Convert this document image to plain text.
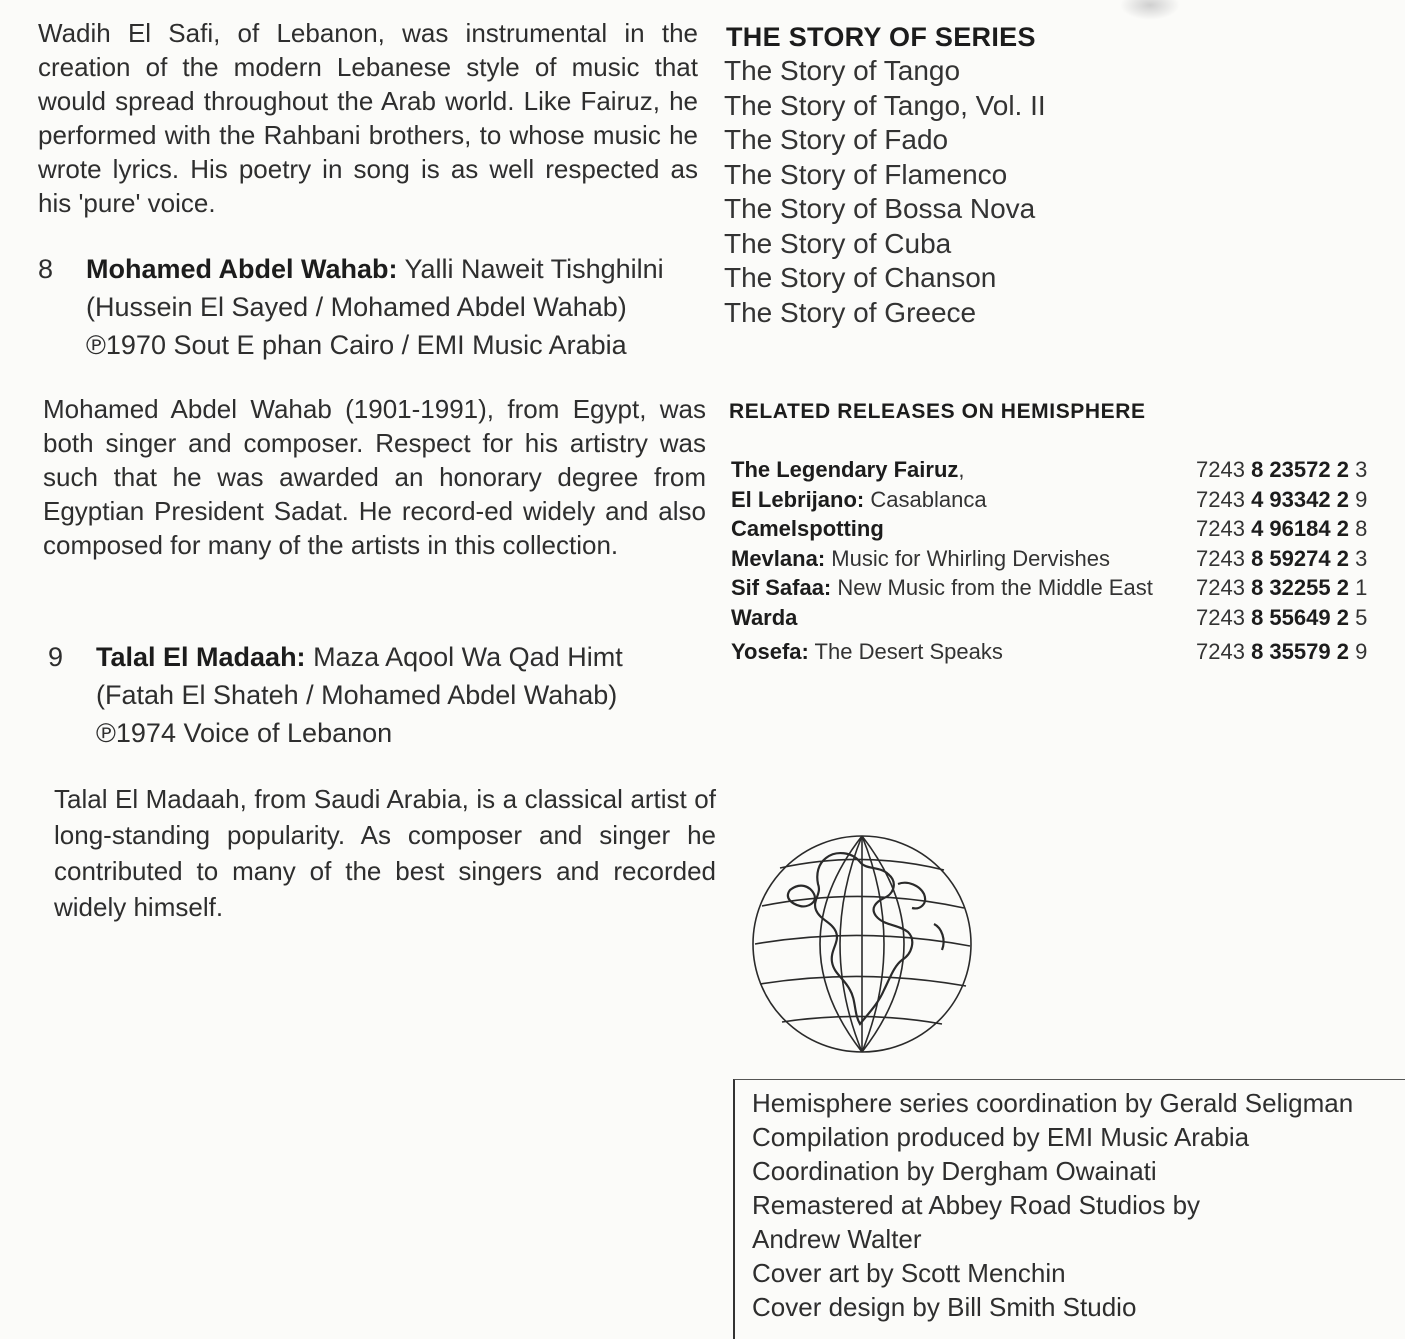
Wadih El Safi, of Lebanon, was instrumental in the creation of the modern Lebanese style of music that would spread throughout the Arab world. Like Fairuz, he performed with the Rahbani brothers, to whose music he wrote lyrics. His poetry in song is as well respected as his 'pure' voice.

8 Mohamed Abdel Wahab: Yalli Naweit Tishghilni
(Hussein El Sayed / Mohamed Abdel Wahab)
℗1970 Sout E phan Cairo / EMI Music Arabia

Mohamed Abdel Wahab (1901-1991), from Egypt, was both singer and composer. Respect for his artistry was such that he was awarded an honorary degree from Egyptian President Sadat. He record-ed widely and also composed for many of the artists in this collection.

9 Talal El Madaah: Maza Aqool Wa Qad Himt
(Fatah El Shateh / Mohamed Abdel Wahab)
℗1974 Voice of Lebanon

Talal El Madaah, from Saudi Arabia, is a classical artist of long-standing popularity. As composer and singer he contributed to many of the best singers and recorded widely himself.

THE STORY OF SERIES
The Story of Tango
The Story of Tango, Vol. II
The Story of Fado
The Story of Flamenco
The Story of Bossa Nova
The Story of Cuba
The Story of Chanson
The Story of Greece
RELATED RELEASES ON HEMISPHERE
The Legendary Fairuz,	7243 8 23572 2 3
El Lebrijano: Casablanca	7243 4 93342 2 9
Camelspotting	7243 4 96184 2 8
Mevlana: Music for Whirling Dervishes	7243 8 59274 2 3
Sif Safaa: New Music from the Middle East 7243 8 32255 2 1
Warda	7243 8 55649 2 5
Yosefa: The Desert Speaks	7243 8 35579 2 9
Hemisphere series coordination by Gerald Seligman
Compilation produced by EMI Music Arabia
Coordination by Dergham Owainati
Remastered at Abbey Road Studios by
Andrew Walter
Cover art by Scott Menchin
Cover design by Bill Smith Studio
